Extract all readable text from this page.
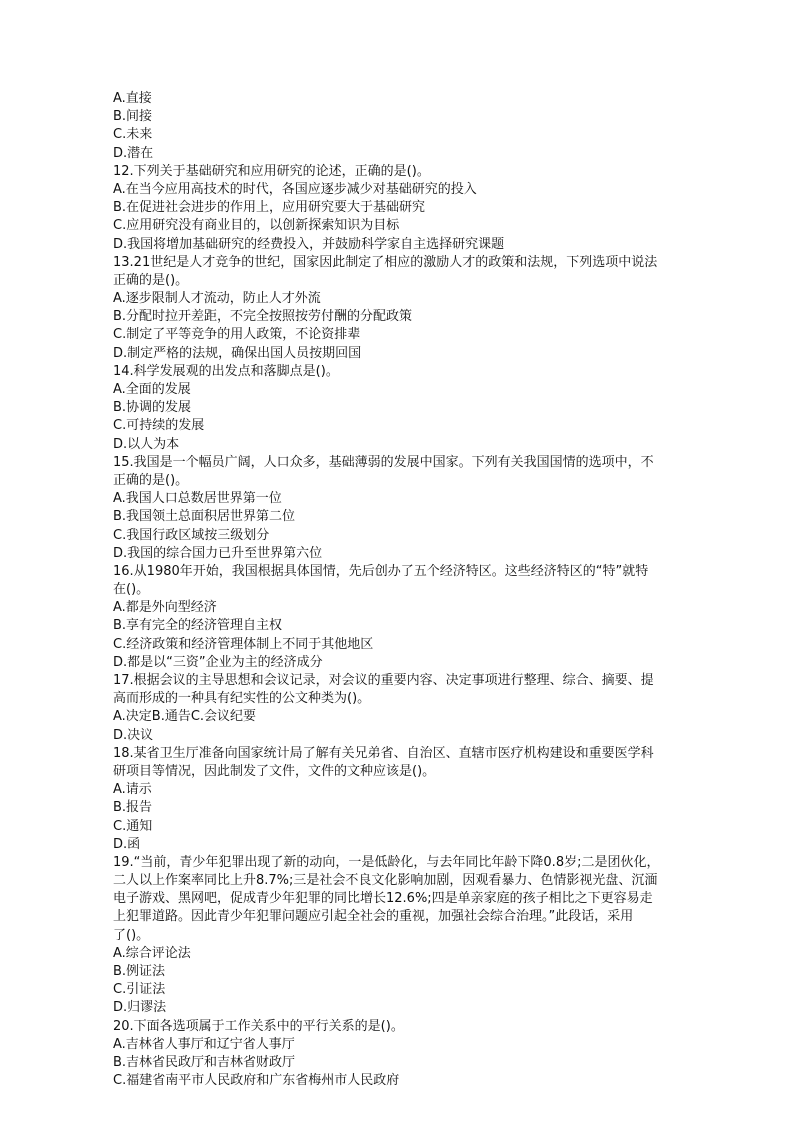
A.直接
B.间接
C.未来
D.潜在
12.下列关于基础研究和应用研究的论述，正确的是()。
A.在当今应用高技术的时代，各国应逐步减少对基础研究的投入
B.在促进社会进步的作用上，应用研究要大于基础研究
C.应用研究没有商业目的，以创新探索知识为目标
D.我国将增加基础研究的经费投入，并鼓励科学家自主选择研究课题
13.21世纪是人才竞争的世纪，国家因此制定了相应的激励人才的政策和法规，下列选项中说法
正确的是()。
A.逐步限制人才流动，防止人才外流
B.分配时拉开差距，不完全按照按劳付酬的分配政策
C.制定了平等竞争的用人政策，不论资排辈
D.制定严格的法规，确保出国人员按期回国
14.科学发展观的出发点和落脚点是()。
A.全面的发展
B.协调的发展
C.可持续的发展
D.以人为本
15.我国是一个幅员广阔，人口众多，基础薄弱的发展中国家。下列有关我国国情的选项中，不
正确的是()。
A.我国人口总数居世界第一位
B.我国领土总面积居世界第二位
C.我国行政区域按三级划分
D.我国的综合国力已升至世界第六位
16.从1980年开始，我国根据具体国情，先后创办了五个经济特区。这些经济特区的“特”就特
在()。
A.都是外向型经济
B.享有完全的经济管理自主权
C.经济政策和经济管理体制上不同于其他地区
D.都是以“三资”企业为主的经济成分
17.根据会议的主导思想和会议记录，对会议的重要内容、决定事项进行整理、综合、摘要、提
高而形成的一种具有纪实性的公文种类为()。
A.决定B.通告C.会议纪要
D.决议
18.某省卫生厅准备向国家统计局了解有关兄弟省、自治区、直辖市医疗机构建设和重要医学科
研项目等情况，因此制发了文件，文件的文种应该是()。
A.请示
B.报告
C.通知
D.函
19.“当前，青少年犯罪出现了新的动向，一是低龄化，与去年同比年龄下降0.8岁;二是团伙化，
二人以上作案率同比上升8.7%;三是社会不良文化影响加剧，因观看暴力、色情影视光盘、沉湎
电子游戏、黑网吧，促成青少年犯罪的同比增长12.6%;四是单亲家庭的孩子相比之下更容易走
上犯罪道路。因此青少年犯罪问题应引起全社会的重视，加强社会综合治理。”此段话，采用
了()。
A.综合评论法
B.例证法
C.引证法
D.归谬法
20.下面各选项属于工作关系中的平行关系的是()。
A.吉林省人事厅和辽宁省人事厅
B.吉林省民政厅和吉林省财政厅
C.福建省南平市人民政府和广东省梅州市人民政府
